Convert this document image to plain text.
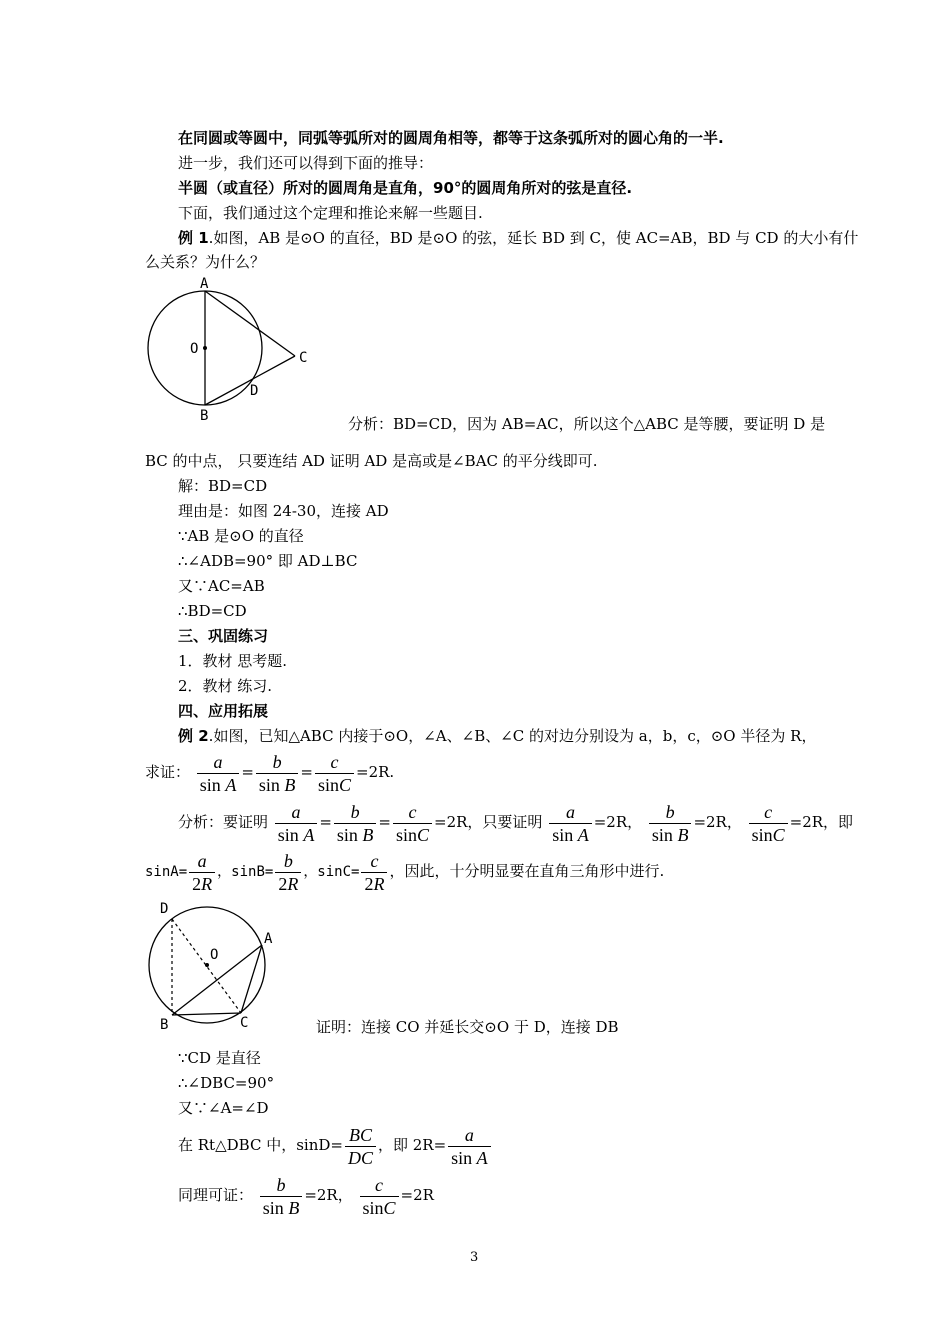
在同圆或等圆中，同弧等弧所对的圆周角相等，都等于这条弧所对的圆心角的一半.
进一步，我们还可以得到下面的推导：
半圆（或直径）所对的圆周角是直角，90°的圆周角所对的弦是直径.
下面，我们通过这个定理和推论来解一些题目.
例 1.如图，AB 是⊙O 的直径，BD 是⊙O 的弦，延长 BD 到 C，使 AC=AB，BD 与 CD 的大小有什
么关系？为什么？
A
B
C
D
O
分析：BD=CD，因为 AB=AC，所以这个△ABC 是等腰，要证明 D 是
BC 的中点， 只要连结 AD 证明 AD 是高或是∠BAC 的平分线即可.
解：BD=CD
理由是：如图 24-30，连接 AD
∵AB 是⊙O 的直径
∴∠ADB=90° 即 AD⊥BC
又∵AC=AB
∴BD=CD
三、巩固练习
1．教材 思考题.
2．教材 练习.
四、应用拓展
例 2.如图，已知△ABC 内接于⊙O，∠A、∠B、∠C 的对边分别设为 a，b，c，⊙O 半径为 R，
求证： $\frac{a}{\text{sin A}} = \frac{b}{\text{sin B}} = \frac{c}{\sin C} =2R$.
分析：要证明 $\frac{a}{\text{sin A}} = \frac{b}{\text{sin B}} = \frac{c}{\sin C} =2R$，只要证明 $\frac{a}{\text{sin A}} =2R$， $\frac{b}{\text{sin B}} =2R$， $\frac{c}{\sin C} =2R$，即
$\sin A= \frac{a}{2R}$ ，$\sin B= \frac{b}{2R}$ ，$\sin C= \frac{c}{2R}$ ，因此，十分明显要在直角三角形中进行.
D
A
B	C
O
证明：连接 CO 并延长交⊙O 于 D，连接 DB
∵CD 是直径
∴∠DBC=90°
又∵∠A=∠D
在 Rt△DBC 中，$\sin D= \frac{BC}{DC}$ ，即 $2R= \frac{a}{\text{sin A}}$
同理可证： $\frac{b}{\text{sin B}} =2R$， $\frac{c}{\sin C} =2R$
3
